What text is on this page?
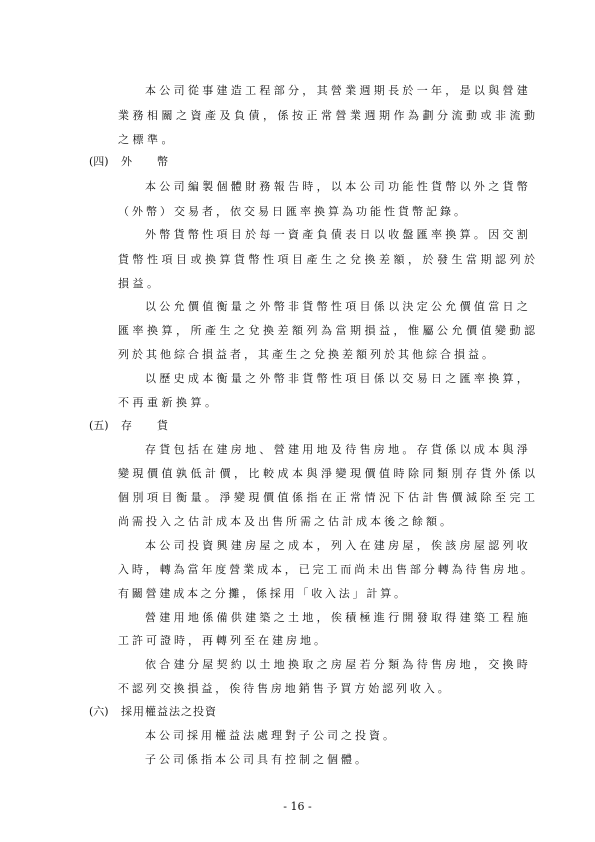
本公司從事建造工程部分，其營業週期長於一年，是以與營建
業務相關之資產及負債，係按正常營業週期作為劃分流動或非流動
之標準。
(四) 外　　幣
本公司編製個體財務報告時，以本公司功能性貨幣以外之貨幣
（外幣）交易者，依交易日匯率換算為功能性貨幣記錄。
外幣貨幣性項目於每一資產負債表日以收盤匯率換算。因交割
貨幣性項目或換算貨幣性項目產生之兌換差額，於發生當期認列於
損益。
以公允價值衡量之外幣非貨幣性項目係以決定公允價值當日之
匯率換算，所產生之兌換差額列為當期損益，惟屬公允價值變動認
列於其他綜合損益者，其產生之兌換差額列於其他綜合損益。
以歷史成本衡量之外幣非貨幣性項目係以交易日之匯率換算，
不再重新換算。
(五) 存　　貨
存貨包括在建房地、營建用地及待售房地。存貨係以成本與淨
變現價值孰低計價，比較成本與淨變現價值時除同類別存貨外係以
個別項目衡量。淨變現價值係指在正常情況下估計售價減除至完工
尚需投入之估計成本及出售所需之估計成本後之餘額。
本公司投資興建房屋之成本，列入在建房屋，俟該房屋認列收
入時，轉為當年度營業成本，已完工而尚未出售部分轉為待售房地。
有關營建成本之分攤，係採用「收入法」計算。
營建用地係備供建築之土地，俟積極進行開發取得建築工程施
工許可證時，再轉列至在建房地。
依合建分屋契約以土地換取之房屋若分類為待售房地，交換時
不認列交換損益，俟待售房地銷售予買方始認列收入。
(六) 採用權益法之投資
本公司採用權益法處理對子公司之投資。
子公司係指本公司具有控制之個體。
- 16 -
